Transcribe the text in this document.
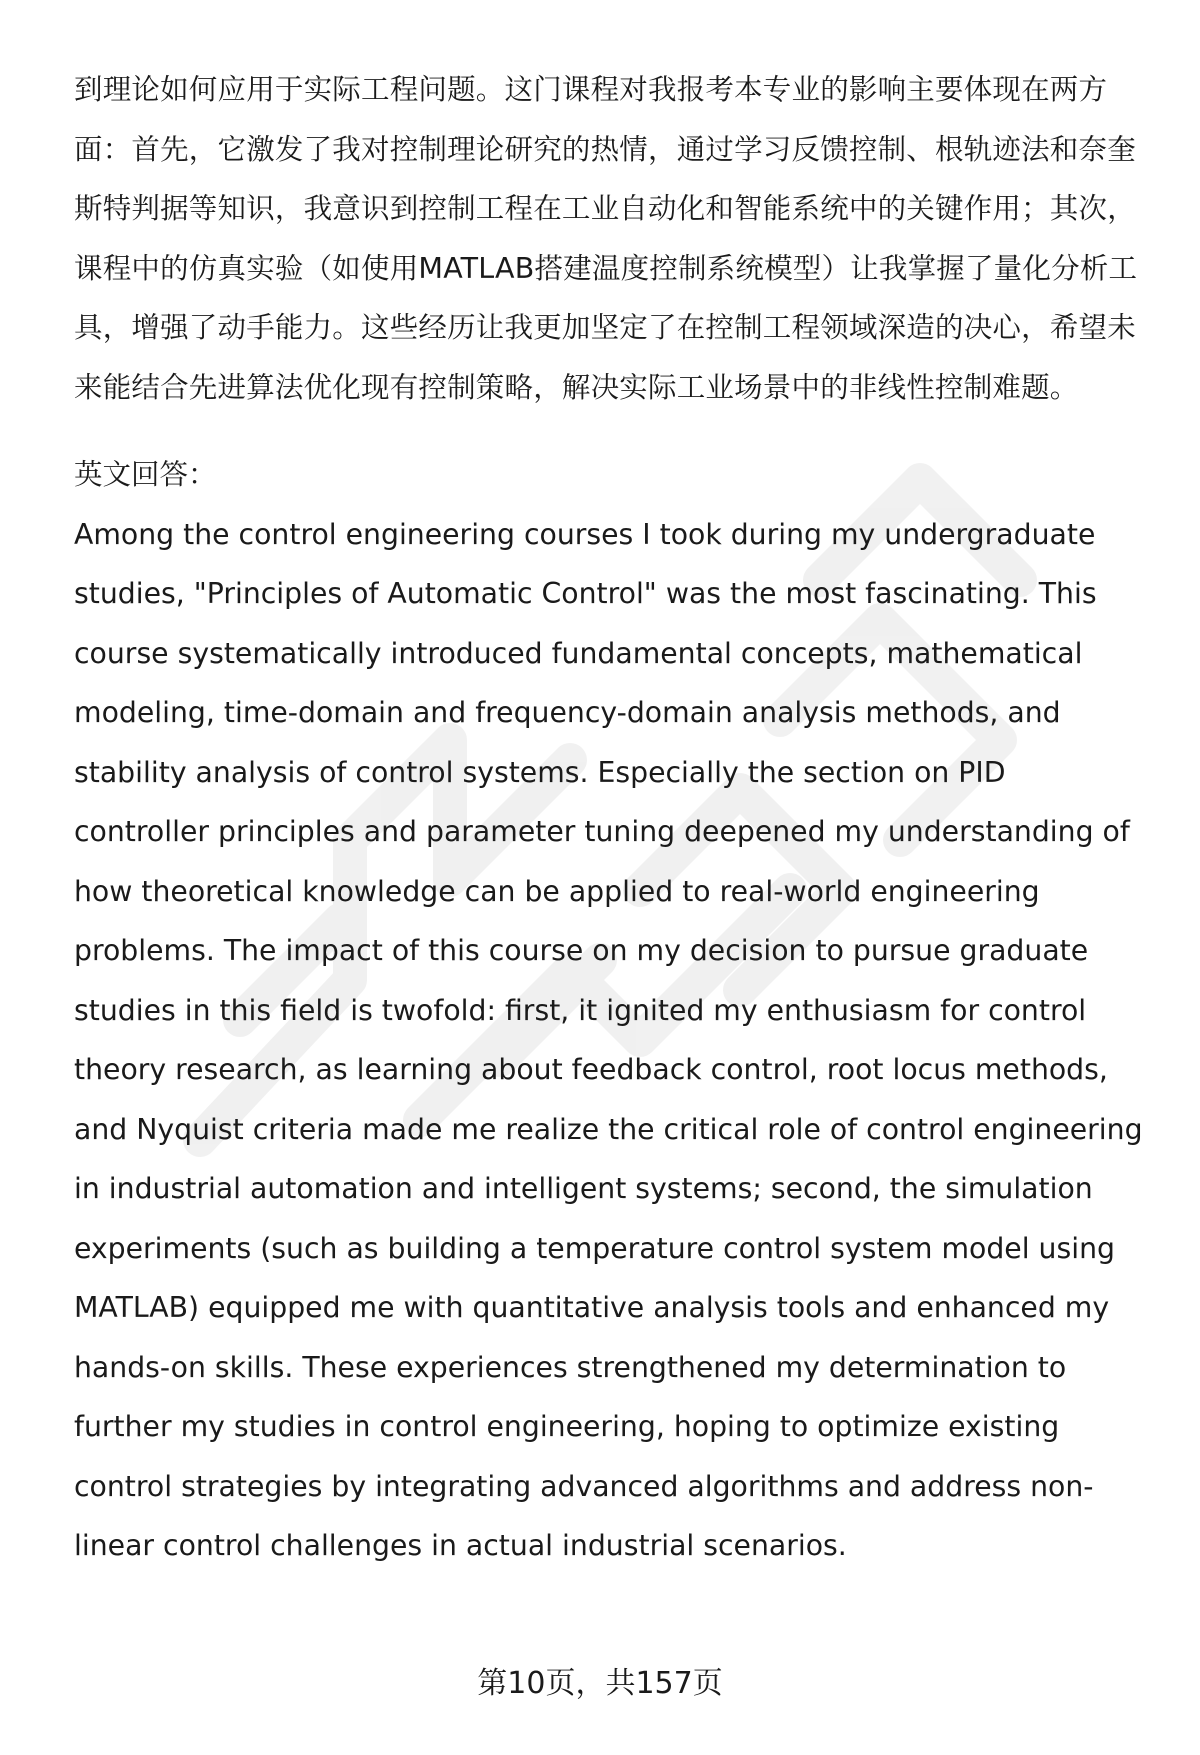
到理论如何应用于实际工程问题。这门课程对我报考本专业的影响主要体现在两方面：首先，它激发了我对控制理论研究的热情，通过学习反馈控制、根轨迹法和奈奎斯特判据等知识，我意识到控制工程在工业自动化和智能系统中的关键作用；其次，课程中的仿真实验（如使用MATLAB搭建温度控制系统模型）让我掌握了量化分析工具，增强了动手能力。这些经历让我更加坚定了在控制工程领域深造的决心，希望未来能结合先进算法优化现有控制策略，解决实际工业场景中的非线性控制难题。

英文回答：

Among the control engineering courses I took during my undergraduate studies, "Principles of Automatic Control" was the most fascinating. This course systematically introduced fundamental concepts, mathematical modeling, time-domain and frequency-domain analysis methods, and stability analysis of control systems. Especially the section on PID controller principles and parameter tuning deepened my understanding of how theoretical knowledge can be applied to real-world engineering problems. The impact of this course on my decision to pursue graduate studies in this field is twofold: first, it ignited my enthusiasm for control theory research, as learning about feedback control, root locus methods, and Nyquist criteria made me realize the critical role of control engineering in industrial automation and intelligent systems; second, the simulation experiments (such as building a temperature control system model using MATLAB) equipped me with quantitative analysis tools and enhanced my hands-on skills. These experiences strengthened my determination to further my studies in control engineering, hoping to optimize existing control strategies by integrating advanced algorithms and address non-linear control challenges in actual industrial scenarios.

第10页，共157页
